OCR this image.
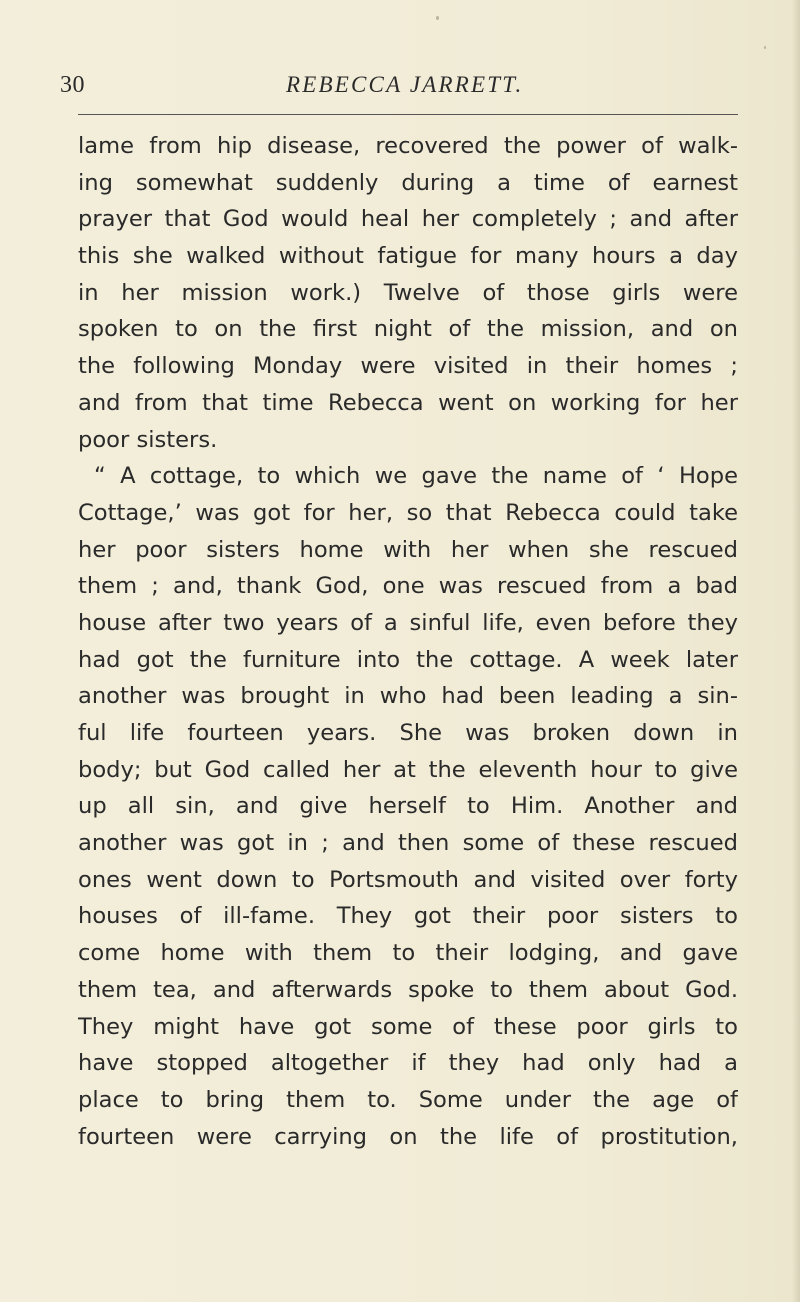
30	REBECCA JARRETT.
lame from hip disease, recovered the power of walk-
ing somewhat suddenly during a time of earnest
prayer that God would heal her completely ; and after
this she walked without fatigue for many hours a day
in her mission work.) Twelve of those girls were
spoken to on the first night of the mission, and on
the following Monday were visited in their homes ;
and from that time Rebecca went on working for her
poor sisters.
“ A cottage, to which we gave the name of ‘ Hope
Cottage,’ was got for her, so that Rebecca could take
her poor sisters home with her when she rescued
them ; and, thank God, one was rescued from a bad
house after two years of a sinful life, even before they
had got the furniture into the cottage. A week later
another was brought in who had been leading a sin-
ful life fourteen years. She was broken down in
body; but God called her at the eleventh hour to give
up all sin, and give herself to Him. Another and
another was got in ; and then some of these rescued
ones went down to Portsmouth and visited over forty
houses of ill-fame. They got their poor sisters to
come home with them to their lodging, and gave
them tea, and afterwards spoke to them about God.
They might have got some of these poor girls to
have stopped altogether if they had only had a
place to bring them to. Some under the age of
fourteen were carrying on the life of prostitution,
